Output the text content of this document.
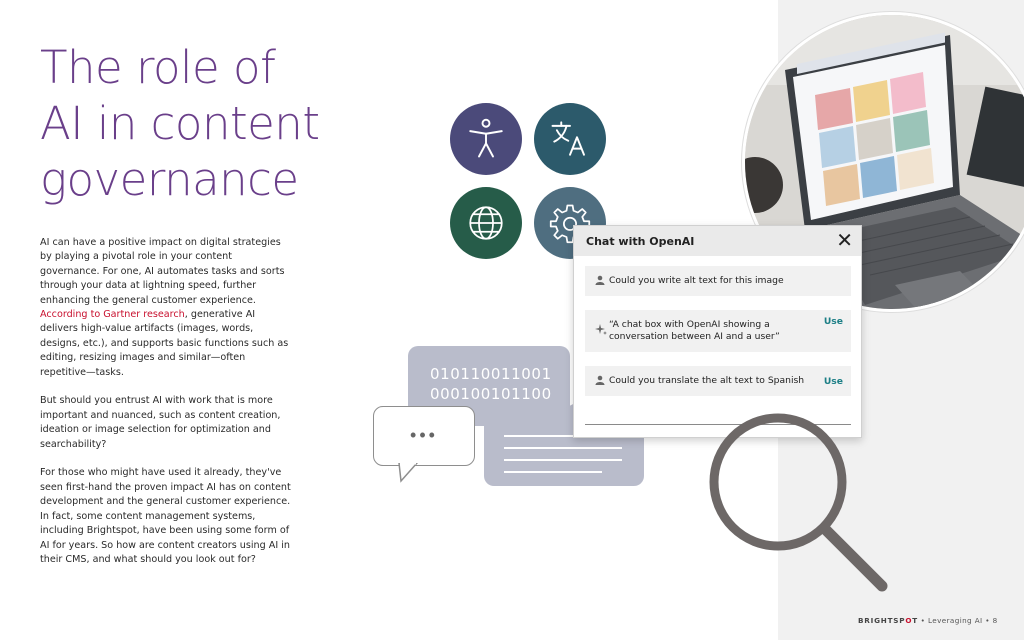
The role of
AI in content
governance

AI can have a positive impact on digital strategies by playing a pivotal role in your content governance. For one, AI automates tasks and sorts through your data at lightning speed, further enhancing the general customer experience. According to Gartner research, generative AI delivers high-value artifacts (images, words, designs, etc.), and supports basic functions such as editing, resizing images and similar—often repetitive—tasks.

But should you entrust AI with work that is more important and nuanced, such as content creation, ideation or image selection for optimization and searchability?

For those who might have used it already, they've seen first-hand the proven impact AI has on content development and the general customer experience. In fact, some content management systems, including Brightspot, have been using some form of AI for years. So how are content creators using AI in their CMS, and what should you look out for?

010110011001
000100101100
•••
Chat with OpenAI	✕
Could you write alt text for this image
“A chat box with OpenAI showing a conversation between AI and a user”
Use
Could you translate the alt text to Spanish	Use
BRIGHTSPOT • Leveraging AI • 8
